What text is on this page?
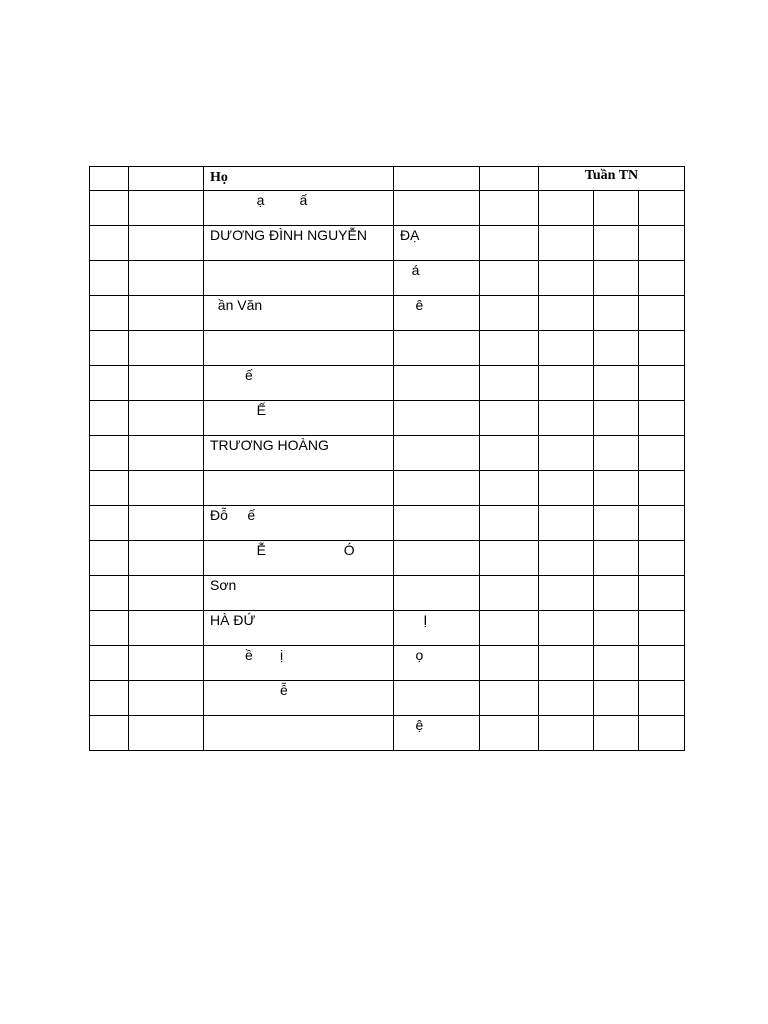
		Họ			Tuần TN		
		ạ         ấ					
		DƯƠNG ĐÌNH NGUYỄN	ĐẠ				
			á				
		ần Văn	ê				

		ế					
		Ế					
		TRƯƠNG HOÀNG					

		Đỗ     ế					
		Ễ                    Ó					
		Sơn					
		HÀ ĐỨ	Ị				
		ề       ị	ọ				
		ễ					
			ệ				
